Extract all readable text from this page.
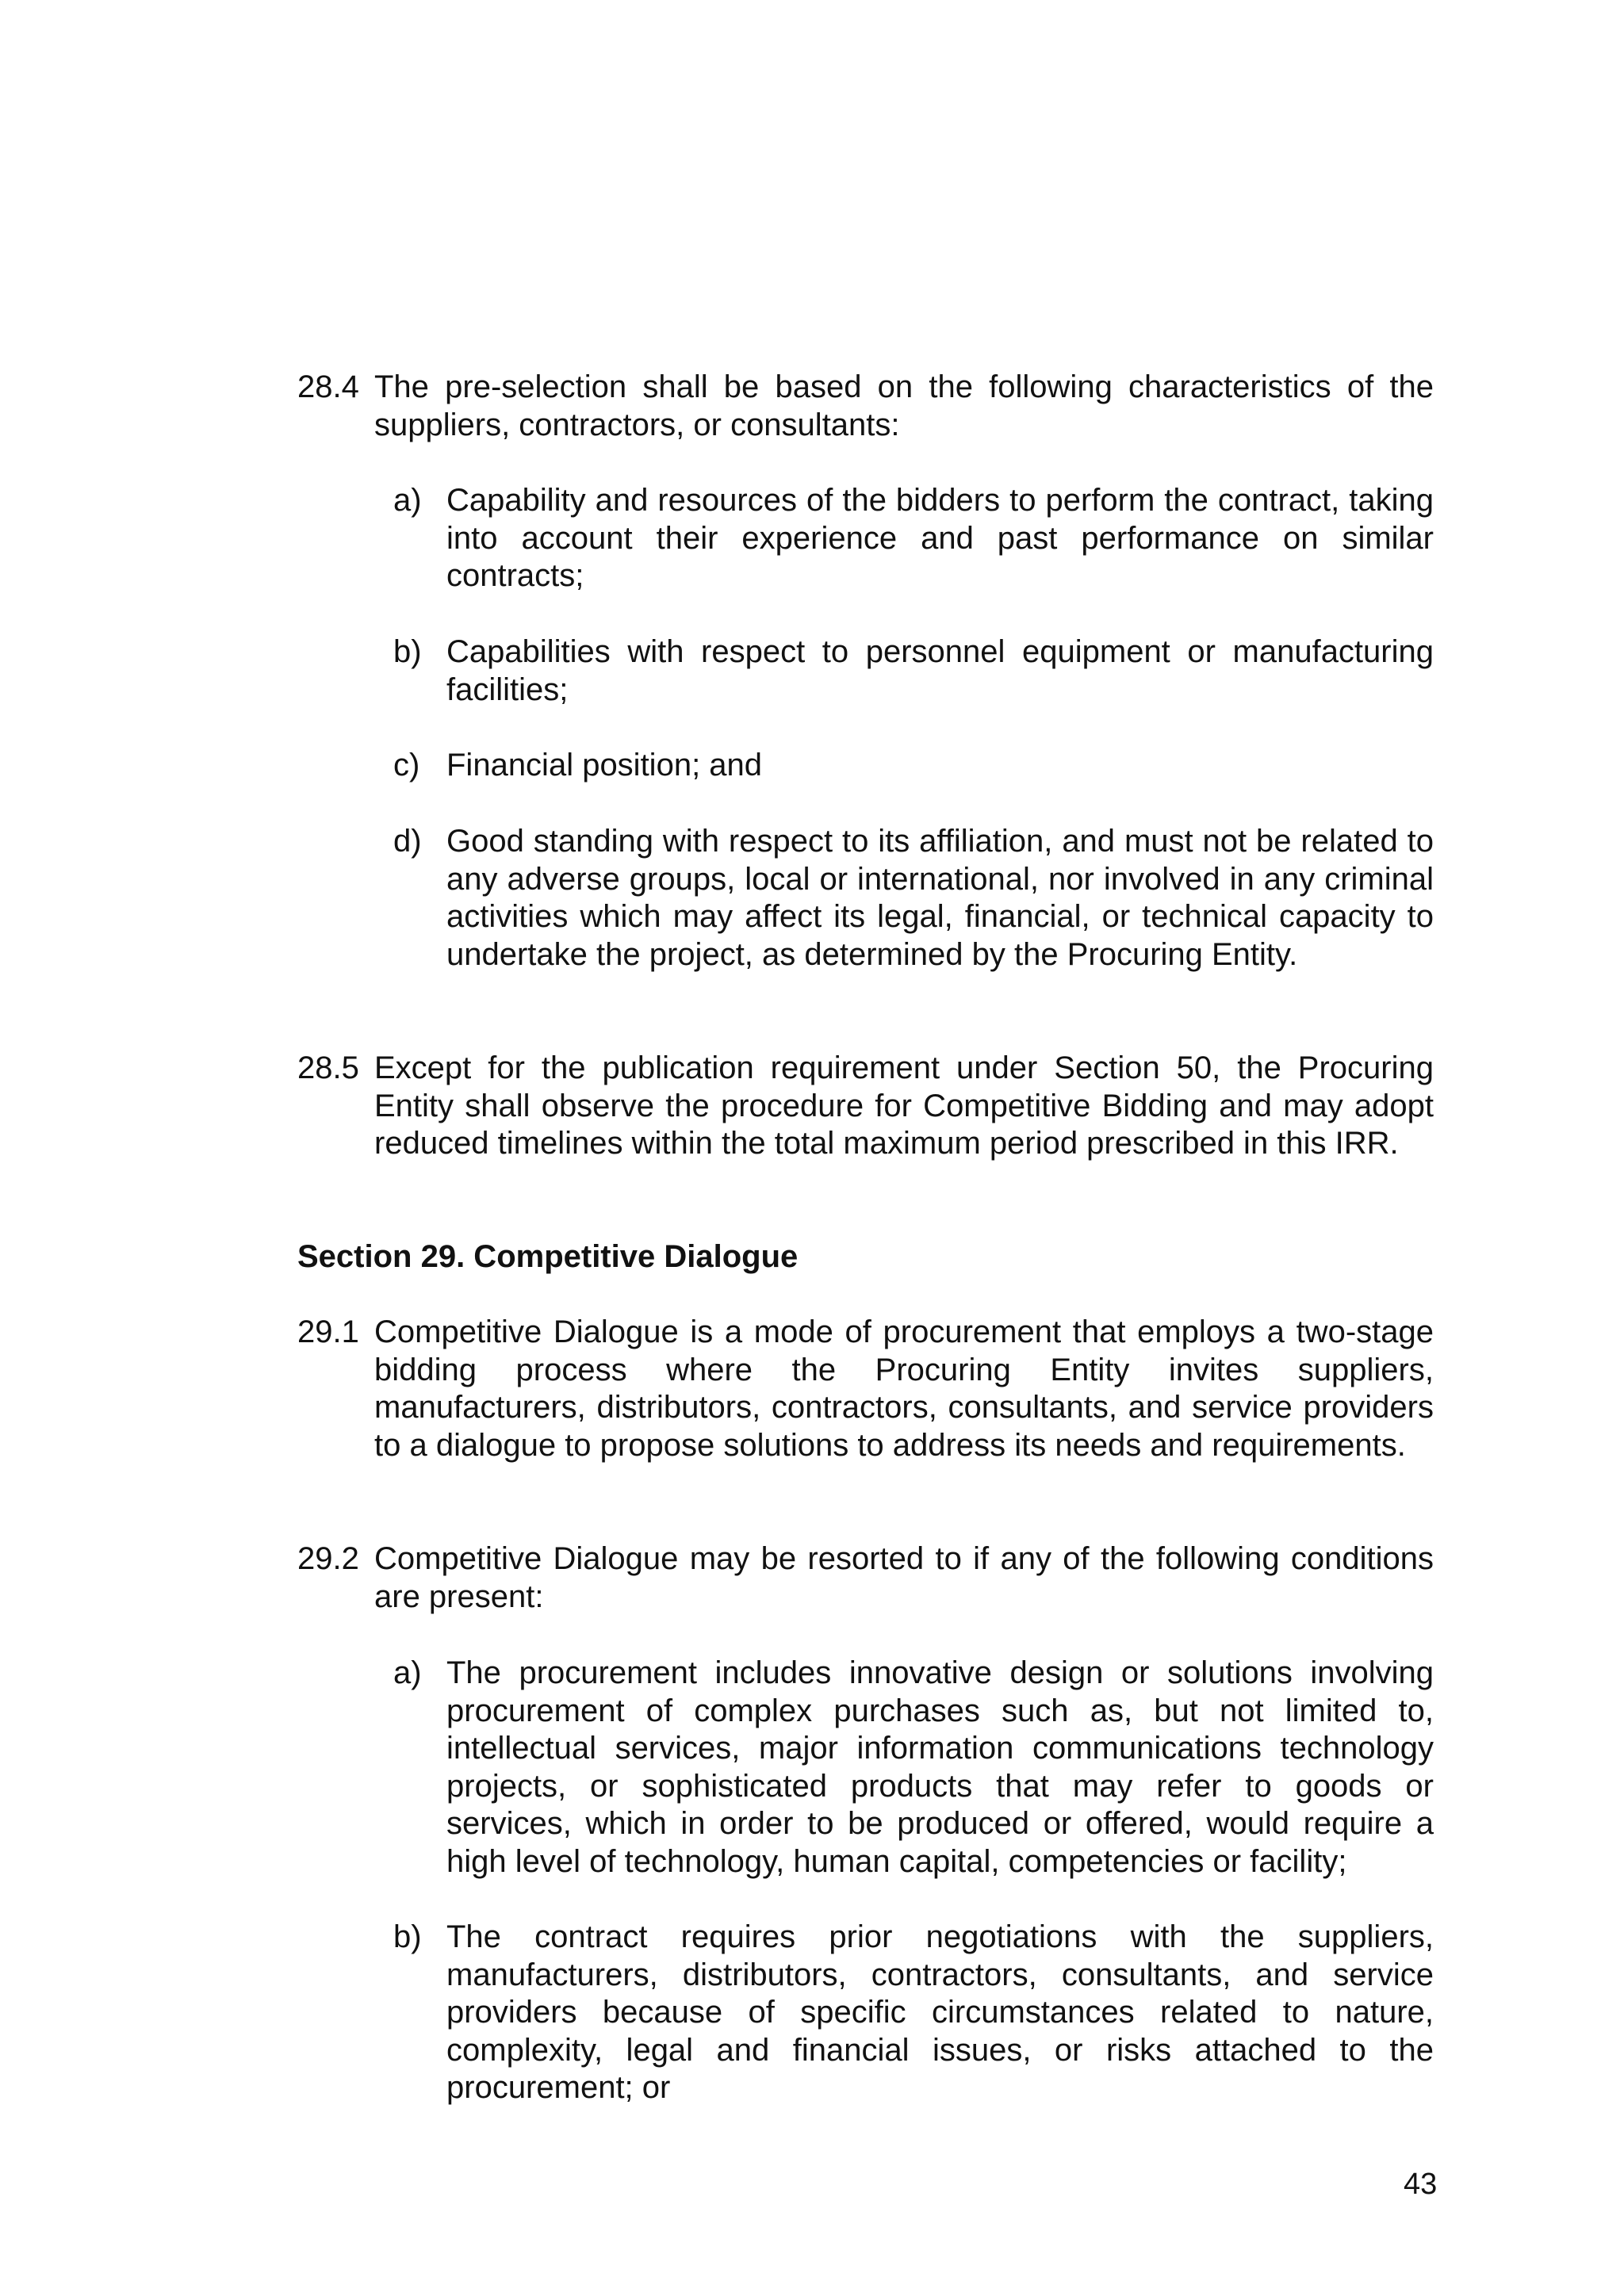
28.4 The pre-selection shall be based on the following characteristics of the suppliers, contractors, or consultants:

a) Capability and resources of the bidders to perform the contract, taking into account their experience and past performance on similar contracts;

b) Capabilities with respect to personnel equipment or manufacturing facilities;

c) Financial position; and

d) Good standing with respect to its affiliation, and must not be related to any adverse groups, local or international, nor involved in any criminal activities which may affect its legal, financial, or technical capacity to undertake the project, as determined by the Procuring Entity.

28.5 Except for the publication requirement under Section 50, the Procuring Entity shall observe the procedure for Competitive Bidding and may adopt reduced timelines within the total maximum period prescribed in this IRR.

Section 29. Competitive Dialogue

29.1 Competitive Dialogue is a mode of procurement that employs a two-stage bidding process where the Procuring Entity invites suppliers, manufacturers, distributors, contractors, consultants, and service providers to a dialogue to propose solutions to address its needs and requirements.

29.2 Competitive Dialogue may be resorted to if any of the following conditions are present:

a) The procurement includes innovative design or solutions involving procurement of complex purchases such as, but not limited to, intellectual services, major information communications technology projects, or sophisticated products that may refer to goods or services, which in order to be produced or offered, would require a high level of technology, human capital, competencies or facility;

b) The contract requires prior negotiations with the suppliers, manufacturers, distributors, contractors, consultants, and service providers because of specific circumstances related to nature, complexity, legal and financial issues, or risks attached to the procurement; or

43
